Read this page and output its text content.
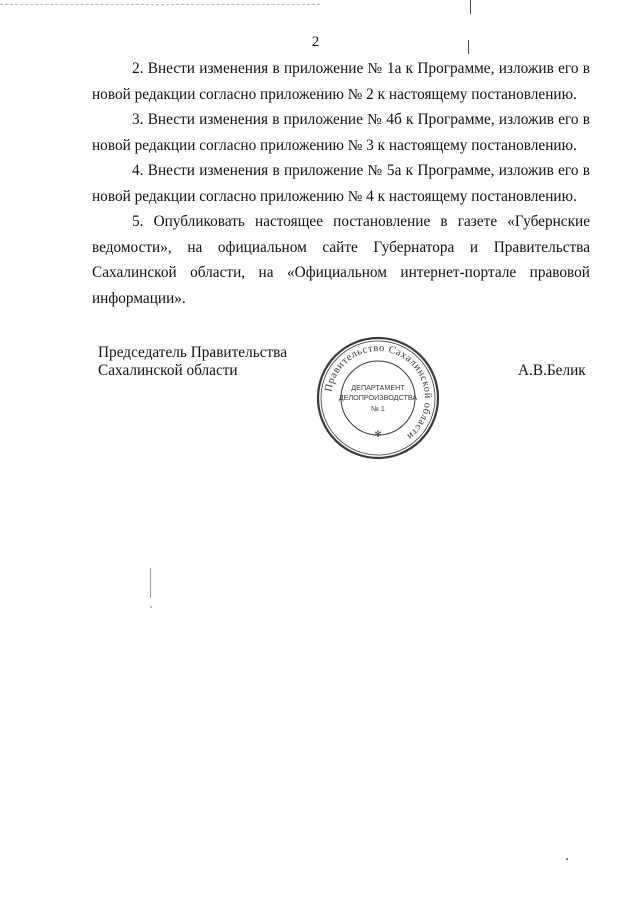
2

2. Внести изменения в приложение № 1а к Программе, изложив его в новой редакции согласно приложению № 2 к настоящему постановлению.

3. Внести изменения в приложение № 4б к Программе, изложив его в новой редакции согласно приложению № 3 к настоящему постановлению.

4. Внести изменения в приложение № 5а к Программе, изложив его в новой редакции согласно приложению № 4 к настоящему постановлению.

5. Опубликовать настоящее постановление в газете «Губернские ведомости», на официальном сайте Губернатора и Правительства Сахалинской области, на «Официальном интернет-портале правовой информации».

Председатель Правительства
Сахалинской области	А.В.Белик
Правительство Сахалинской области
✻
ДЕПАРТАМЕНТ
ДЕЛОПРОИЗВОДСТВА
№ 1
